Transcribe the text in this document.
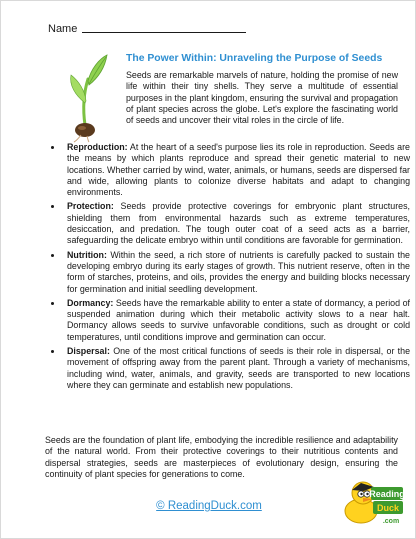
Name
The Power Within: Unraveling the Purpose of Seeds

Seeds are remarkable marvels of nature, holding the promise of new life within their tiny shells. They serve a multitude of essential purposes in the plant kingdom, ensuring the survival and propagation of plant species across the globe. Let's explore the fascinating world of seeds and uncover their vital roles in the circle of life.

• Reproduction: At the heart of a seed's purpose lies its role in reproduction. Seeds are the means by which plants reproduce and spread their genetic material to new locations. Whether carried by wind, water, animals, or humans, seeds are dispersed far and wide, allowing plants to colonize diverse habitats and adapt to changing environments.
• Protection: Seeds provide protective coverings for embryonic plant structures, shielding them from environmental hazards such as extreme temperatures, desiccation, and predation. The tough outer coat of a seed acts as a barrier, safeguarding the delicate embryo within until conditions are favorable for germination.
• Nutrition: Within the seed, a rich store of nutrients is carefully packed to sustain the developing embryo during its early stages of growth. This nutrient reserve, often in the form of starches, proteins, and oils, provides the energy and building blocks necessary for germination and initial seedling development.
• Dormancy: Seeds have the remarkable ability to enter a state of dormancy, a period of suspended animation during which their metabolic activity slows to a near halt. Dormancy allows seeds to survive unfavorable conditions, such as drought or cold temperatures, until conditions improve and germination can occur.
• Dispersal: One of the most critical functions of seeds is their role in dispersal, or the movement of offspring away from the parent plant. Through a variety of mechanisms, including wind, water, animals, and gravity, seeds are transported to new locations where they can germinate and establish new populations.

Seeds are the foundation of plant life, embodying the incredible resilience and adaptability of the natural world. From their protective coverings to their nutritious contents and dispersal strategies, seeds are masterpieces of evolutionary design, ensuring the continuity of plant species for generations to come.

© ReadingDuck.com
Reading
Duck
.com
